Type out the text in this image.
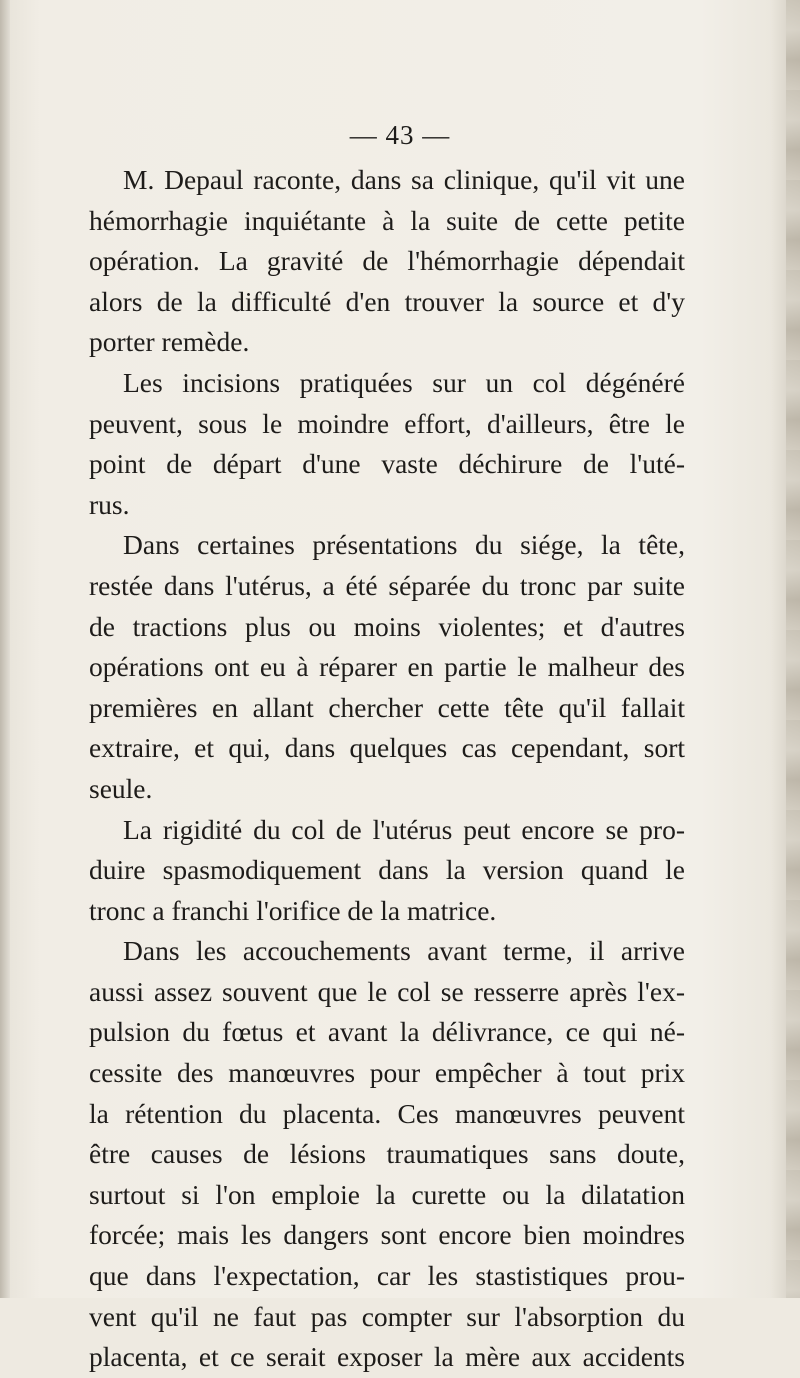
— 43 —
M. Depaul raconte, dans sa clinique, qu'il vit une
hémorrhagie inquiétante à la suite de cette petite
opération. La gravité de l'hémorrhagie dépendait
alors de la difficulté d'en trouver la source et d'y
porter remède.
Les incisions pratiquées sur un col dégénéré
peuvent, sous le moindre effort, d'ailleurs, être le
point de départ d'une vaste déchirure de l'uté-
rus.
Dans certaines présentations du siége, la tête,
restée dans l'utérus, a été séparée du tronc par suite
de tractions plus ou moins violentes; et d'autres
opérations ont eu à réparer en partie le malheur des
premières en allant chercher cette tête qu'il fallait
extraire, et qui, dans quelques cas cependant, sort
seule.
La rigidité du col de l'utérus peut encore se pro-
duire spasmodiquement dans la version quand le
tronc a franchi l'orifice de la matrice.
Dans les accouchements avant terme, il arrive
aussi assez souvent que le col se resserre après l'ex-
pulsion du fœtus et avant la délivrance, ce qui né-
cessite des manœuvres pour empêcher à tout prix
la rétention du placenta. Ces manœuvres peuvent
être causes de lésions traumatiques sans doute,
surtout si l'on emploie la curette ou la dilatation
forcée; mais les dangers sont encore bien moindres
que dans l'expectation, car les stastistiques prou-
vent qu'il ne faut pas compter sur l'absorption du
placenta, et ce serait exposer la mère aux accidents
